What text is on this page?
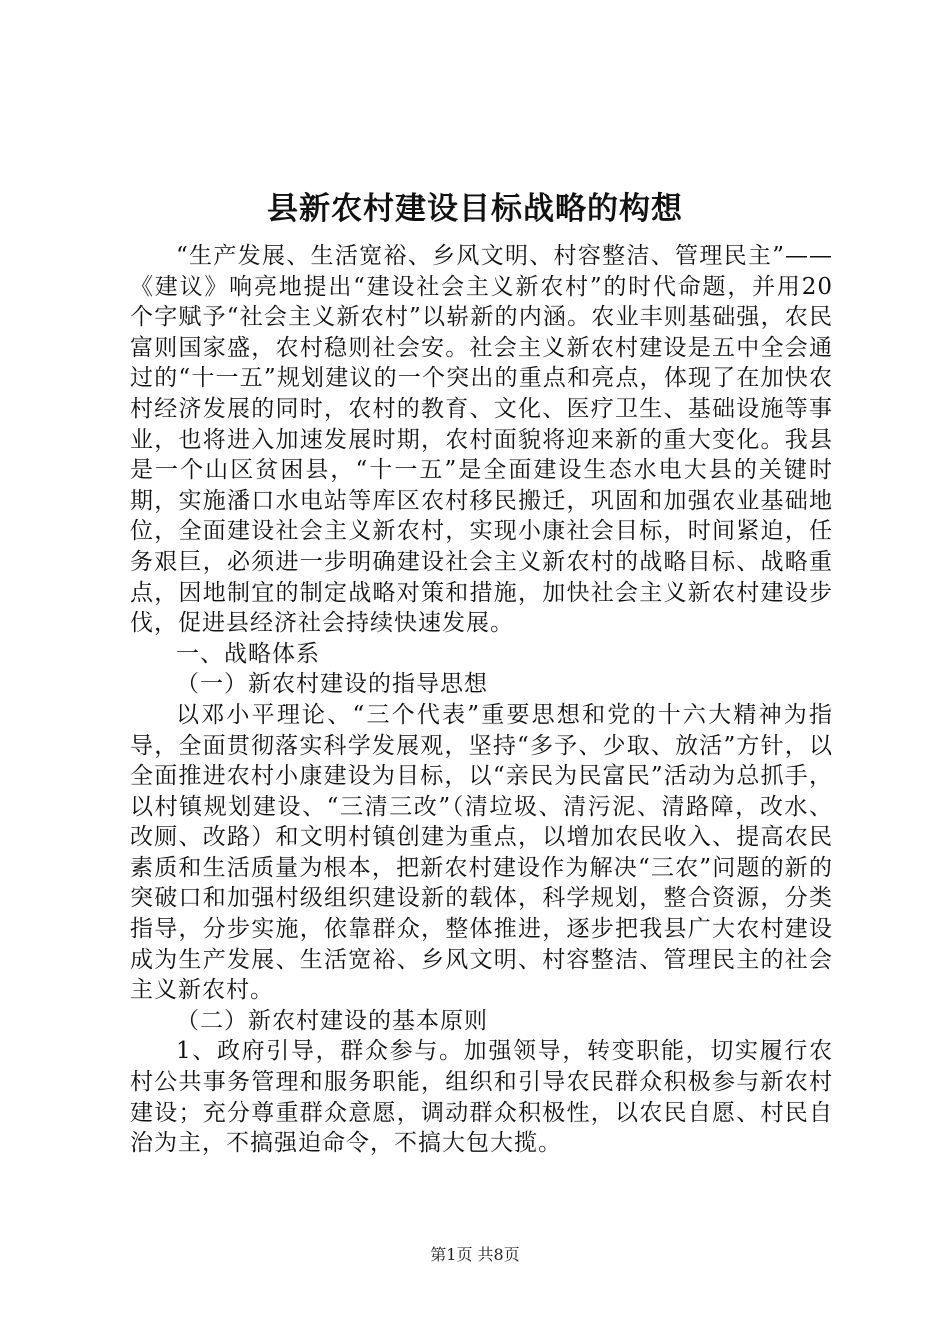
县新农村建设目标战略的构想

“生产发展、生活宽裕、乡风文明、村容整洁、管理民主”——《建议》响亮地提出“建设社会主义新农村”的时代命题，并用20个字赋予“社会主义新农村”以崭新的内涵。农业丰则基础强，农民富则国家盛，农村稳则社会安。社会主义新农村建设是五中全会通过的“十一五”规划建议的一个突出的重点和亮点，体现了在加快农村经济发展的同时，农村的教育、文化、医疗卫生、基础设施等事业，也将进入加速发展时期，农村面貌将迎来新的重大变化。我县是一个山区贫困县，“十一五”是全面建设生态水电大县的关键时期，实施潘口水电站等库区农村移民搬迁，巩固和加强农业基础地位，全面建设社会主义新农村，实现小康社会目标，时间紧迫，任务艰巨，必须进一步明确建设社会主义新农村的战略目标、战略重点，因地制宜的制定战略对策和措施，加快社会主义新农村建设步伐，促进县经济社会持续快速发展。

一、战略体系

（一）新农村建设的指导思想

以邓小平理论、“三个代表”重要思想和党的十六大精神为指导，全面贯彻落实科学发展观，坚持“多予、少取、放活”方针，以全面推进农村小康建设为目标，以“亲民为民富民”活动为总抓手，以村镇规划建设、“三清三改”（清垃圾、清污泥、清路障，改水、改厕、改路）和文明村镇创建为重点，以增加农民收入、提高农民素质和生活质量为根本，把新农村建设作为解决“三农”问题的新的突破口和加强村级组织建设新的载体，科学规划，整合资源，分类指导，分步实施，依靠群众，整体推进，逐步把我县广大农村建设成为生产发展、生活宽裕、乡风文明、村容整洁、管理民主的社会主义新农村。

（二）新农村建设的基本原则

1、政府引导，群众参与。加强领导，转变职能，切实履行农村公共事务管理和服务职能，组织和引导农民群众积极参与新农村建设；充分尊重群众意愿，调动群众积极性，以农民自愿、村民自治为主，不搞强迫命令，不搞大包大揽。

第1页 共8页
